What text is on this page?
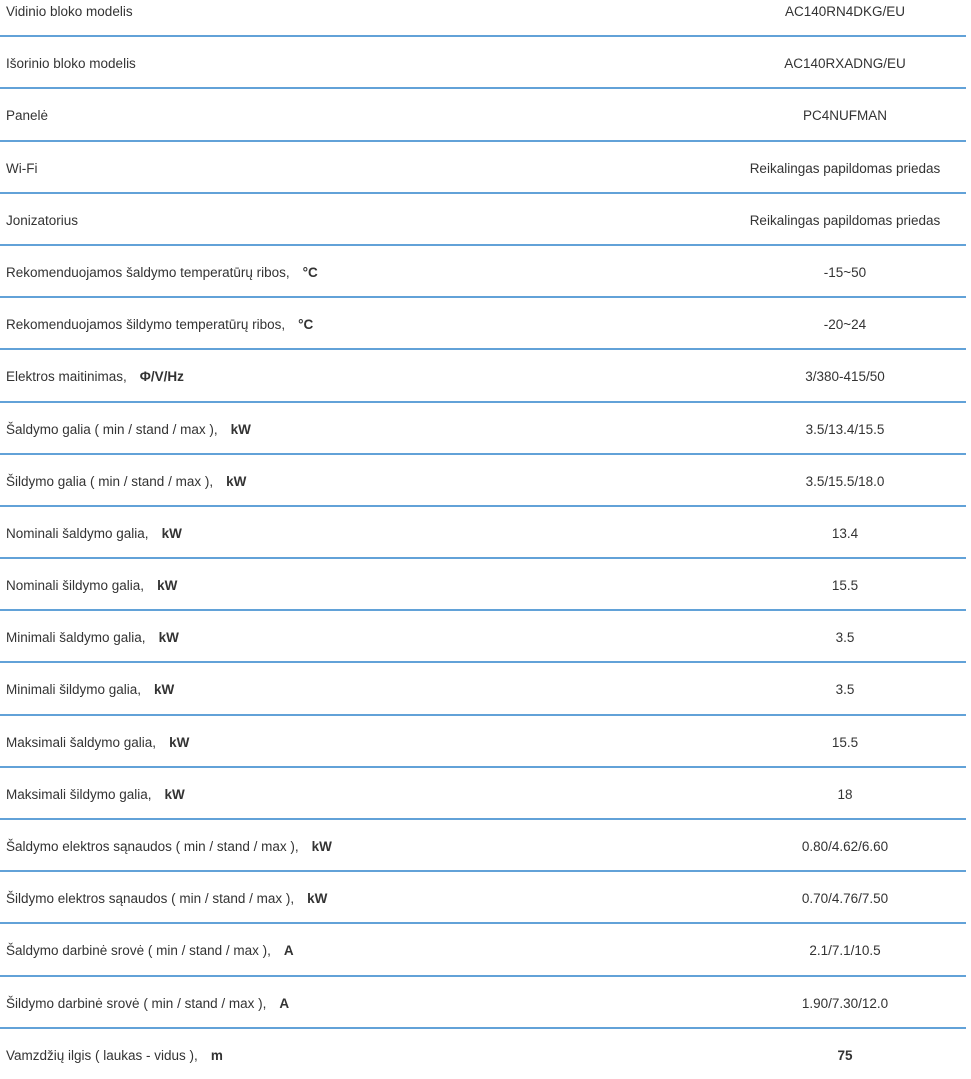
Vidinio bloko modelis	AC140RN4DKG/EU
Išorinio bloko modelis	AC140RXADNG/EU
Panelė	PC4NUFMAN
Wi-Fi	Reikalingas papildomas priedas
Jonizatorius	Reikalingas papildomas priedas
Rekomenduojamos šaldymo temperatūrų ribos, °C	-15~50
Rekomenduojamos šildymo temperatūrų ribos, °C	-20~24
Elektros maitinimas, Φ/V/Hz	3/380-415/50
Šaldymo galia ( min / stand / max ), kW	3.5/13.4/15.5
Šildymo galia ( min / stand / max ), kW	3.5/15.5/18.0
Nominali šaldymo galia, kW	13.4
Nominali šildymo galia, kW	15.5
Minimali šaldymo galia, kW	3.5
Minimali šildymo galia, kW	3.5
Maksimali šaldymo galia, kW	15.5
Maksimali šildymo galia, kW	18
Šaldymo elektros sąnaudos ( min / stand / max ), kW	0.80/4.62/6.60
Šildymo elektros sąnaudos ( min / stand / max ), kW	0.70/4.76/7.50
Šaldymo darbinė srovė ( min / stand / max ), A	2.1/7.1/10.5
Šildymo darbinė srovė ( min / stand / max ), A	1.90/7.30/12.0
Vamzdžių ilgis ( laukas - vidus ), m	75
